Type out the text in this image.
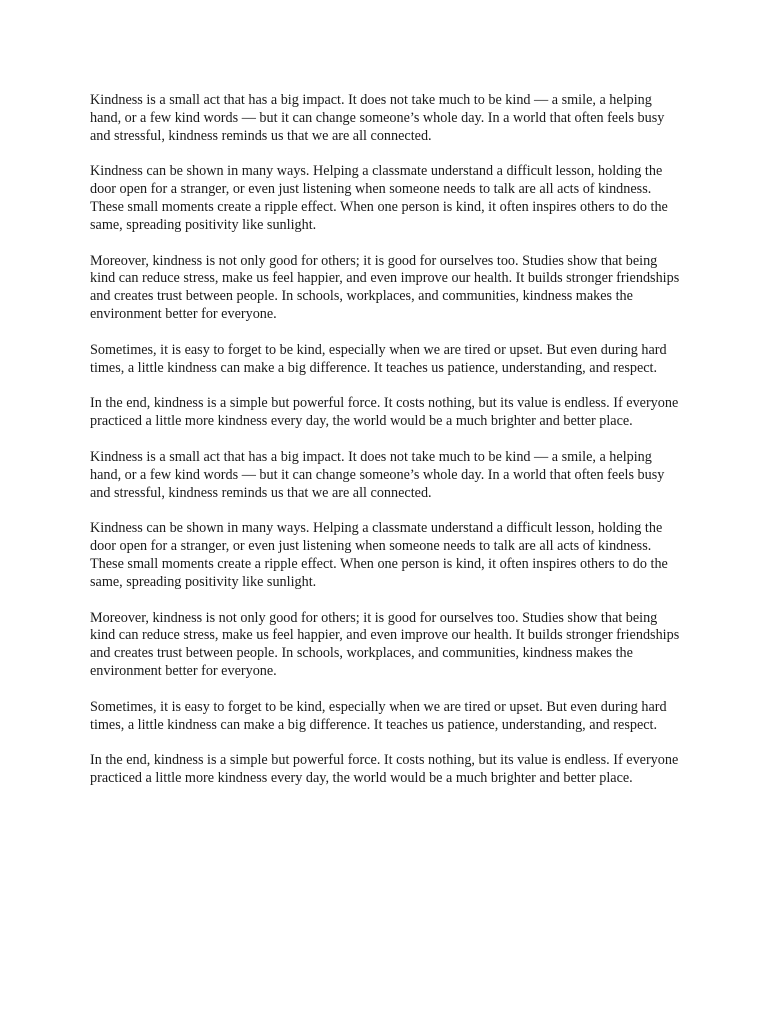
Kindness is a small act that has a big impact. It does not take much to be kind — a smile, a helping hand, or a few kind words — but it can change someone’s whole day. In a world that often feels busy and stressful, kindness reminds us that we are all connected.

Kindness can be shown in many ways. Helping a classmate understand a difficult lesson, holding the door open for a stranger, or even just listening when someone needs to talk are all acts of kindness. These small moments create a ripple effect. When one person is kind, it often inspires others to do the same, spreading positivity like sunlight.

Moreover, kindness is not only good for others; it is good for ourselves too. Studies show that being kind can reduce stress, make us feel happier, and even improve our health. It builds stronger friendships and creates trust between people. In schools, workplaces, and communities, kindness makes the environment better for everyone.

Sometimes, it is easy to forget to be kind, especially when we are tired or upset. But even during hard times, a little kindness can make a big difference. It teaches us patience, understanding, and respect.

In the end, kindness is a simple but powerful force. It costs nothing, but its value is endless. If everyone practiced a little more kindness every day, the world would be a much brighter and better place.

Kindness is a small act that has a big impact. It does not take much to be kind — a smile, a helping hand, or a few kind words — but it can change someone’s whole day. In a world that often feels busy and stressful, kindness reminds us that we are all connected.

Kindness can be shown in many ways. Helping a classmate understand a difficult lesson, holding the door open for a stranger, or even just listening when someone needs to talk are all acts of kindness. These small moments create a ripple effect. When one person is kind, it often inspires others to do the same, spreading positivity like sunlight.

Moreover, kindness is not only good for others; it is good for ourselves too. Studies show that being kind can reduce stress, make us feel happier, and even improve our health. It builds stronger friendships and creates trust between people. In schools, workplaces, and communities, kindness makes the environment better for everyone.

Sometimes, it is easy to forget to be kind, especially when we are tired or upset. But even during hard times, a little kindness can make a big difference. It teaches us patience, understanding, and respect.

In the end, kindness is a simple but powerful force. It costs nothing, but its value is endless. If everyone practiced a little more kindness every day, the world would be a much brighter and better place.
